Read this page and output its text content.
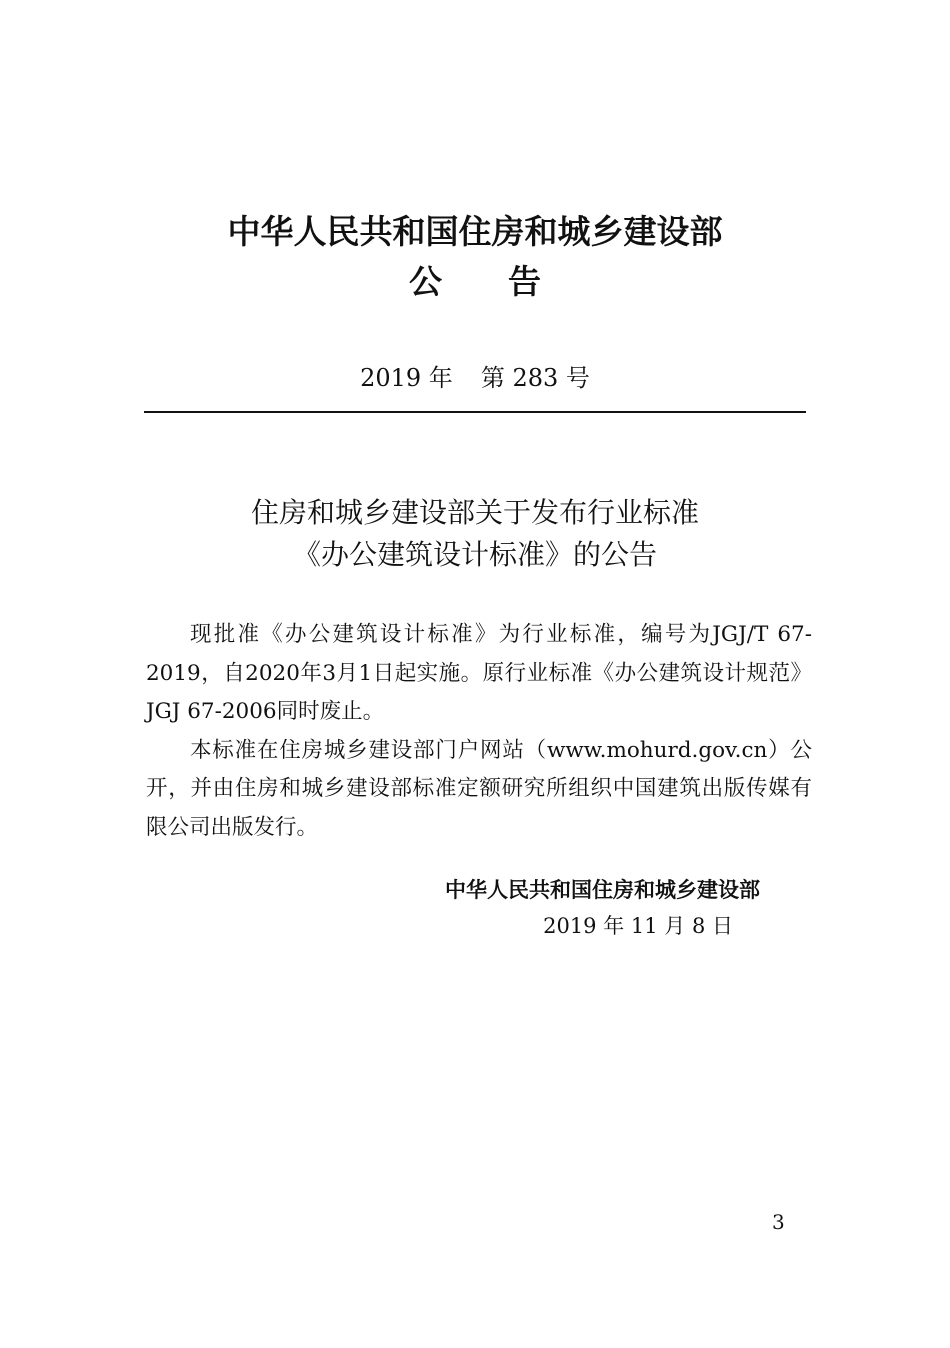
中华人民共和国住房和城乡建设部
公 告
2019 年 第 283 号
住房和城乡建设部关于发布行业标准
《办公建筑设计标准》的公告

现批准《办公建筑设计标准》为行业标准，编号为JGJ/T 67-2019，自2020年3月1日起实施。原行业标准《办公建筑设计规范》JGJ 67-2006同时废止。

本标准在住房城乡建设部门户网站（www.mohurd.gov.cn）公开，并由住房和城乡建设部标准定额研究所组织中国建筑出版传媒有限公司出版发行。

中华人民共和国住房和城乡建设部
2019 年 11 月 8 日
3
